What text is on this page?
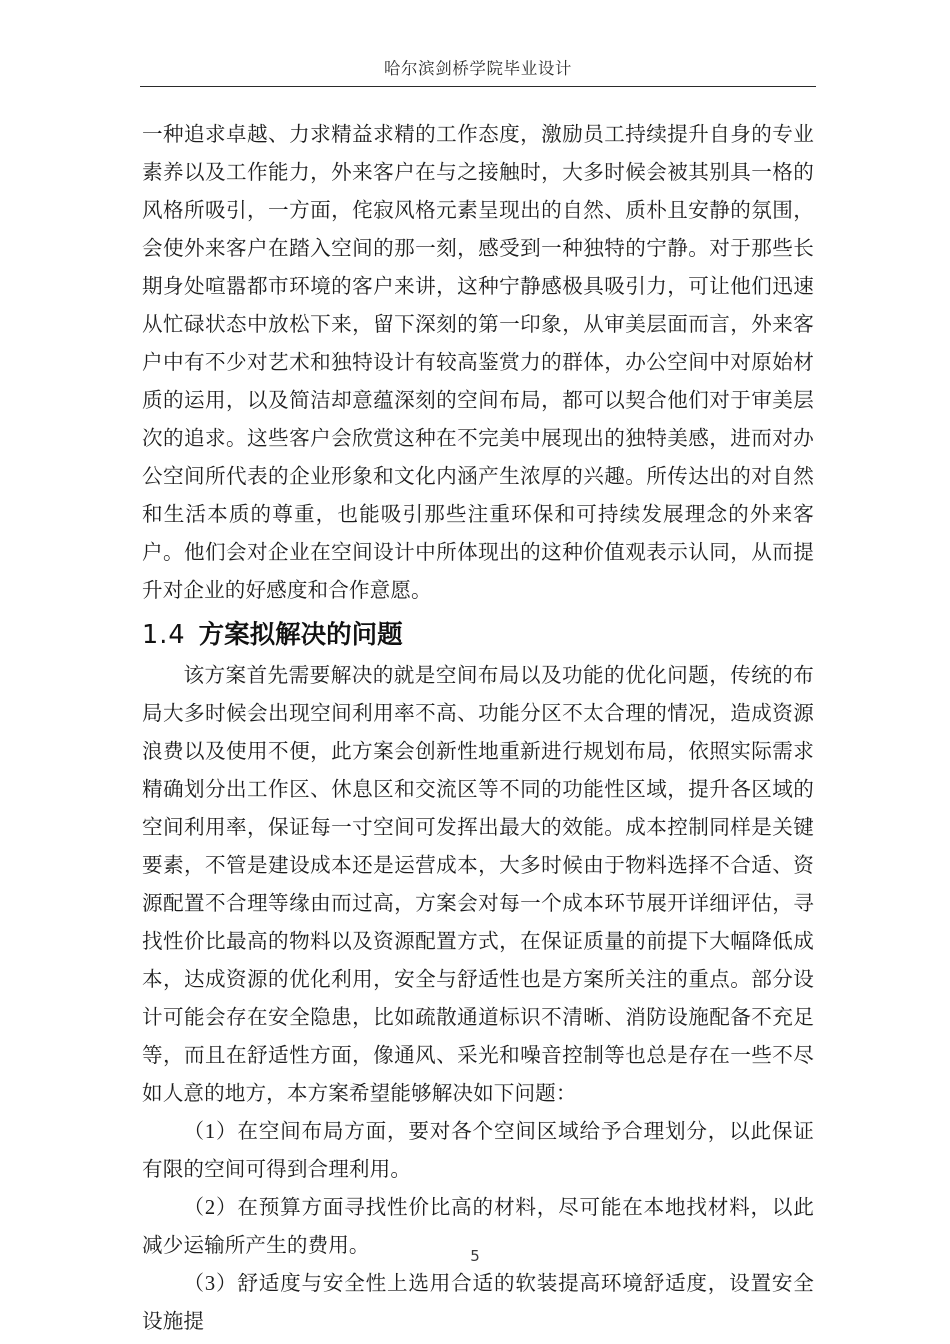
哈尔滨剑桥学院毕业设计

一种追求卓越、力求精益求精的工作态度，激励员工持续提升自身的专业素养以及工作能力，外来客户在与之接触时，大多时候会被其别具一格的风格所吸引，一方面，侘寂风格元素呈现出的自然、质朴且安静的氛围，会使外来客户在踏入空间的那一刻，感受到一种独特的宁静。对于那些长期身处喧嚣都市环境的客户来讲，这种宁静感极具吸引力，可让他们迅速从忙碌状态中放松下来，留下深刻的第一印象，从审美层面而言，外来客户中有不少对艺术和独特设计有较高鉴赏力的群体，办公空间中对原始材质的运用，以及简洁却意蕴深刻的空间布局，都可以契合他们对于审美层次的追求。这些客户会欣赏这种在不完美中展现出的独特美感，进而对办公空间所代表的企业形象和文化内涵产生浓厚的兴趣。所传达出的对自然和生活本质的尊重，也能吸引那些注重环保和可持续发展理念的外来客户。他们会对企业在空间设计中所体现出的这种价值观表示认同，从而提升对企业的好感度和合作意愿。

1.4 方案拟解决的问题

该方案首先需要解决的就是空间布局以及功能的优化问题，传统的布局大多时候会出现空间利用率不高、功能分区不太合理的情况，造成资源浪费以及使用不便，此方案会创新性地重新进行规划布局，依照实际需求精确划分出工作区、休息区和交流区等不同的功能性区域，提升各区域的空间利用率，保证每一寸空间可发挥出最大的效能。成本控制同样是关键要素，不管是建设成本还是运营成本，大多时候由于物料选择不合适、资源配置不合理等缘由而过高，方案会对每一个成本环节展开详细评估，寻找性价比最高的物料以及资源配置方式，在保证质量的前提下大幅降低成本，达成资源的优化利用，安全与舒适性也是方案所关注的重点。部分设计可能会存在安全隐患，比如疏散通道标识不清晰、消防设施配备不充足等，而且在舒适性方面，像通风、采光和噪音控制等也总是存在一些不尽如人意的地方，本方案希望能够解决如下问题：

（1）在空间布局方面，要对各个空间区域给予合理划分，以此保证有限的空间可得到合理利用。

（2）在预算方面寻找性价比高的材料，尽可能在本地找材料，以此减少运输所产生的费用。

（3）舒适度与安全性上选用合适的软装提高环境舒适度，设置安全设施提

5
